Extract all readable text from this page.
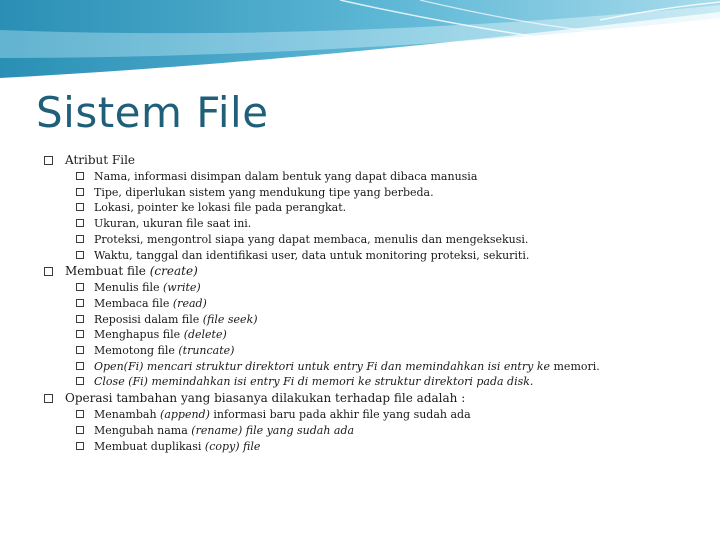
Sistem File
Atribut File
Nama, informasi disimpan dalam bentuk yang dapat dibaca manusia
Tipe, diperlukan sistem yang mendukung tipe yang berbeda.
Lokasi, pointer ke lokasi file pada perangkat.
Ukuran, ukuran file saat ini.
Proteksi, mengontrol siapa yang dapat membaca, menulis dan mengeksekusi.
Waktu, tanggal dan identifikasi user, data untuk monitoring proteksi, sekuriti.
Membuat file (create)
Menulis file (write)
Membaca file (read)
Reposisi dalam file (file seek)
Menghapus file (delete)
Memotong file (truncate)
Open(Fi) mencari struktur direktori untuk entry Fi dan memindahkan isi entry ke memori.
Close (Fi) memindahkan isi entry Fi di memori ke struktur direktori pada disk.
Operasi tambahan yang biasanya dilakukan terhadap file adalah :
Menambah (append) informasi baru pada akhir file yang sudah ada
Mengubah nama (rename) file yang sudah ada
Membuat duplikasi (copy) file
